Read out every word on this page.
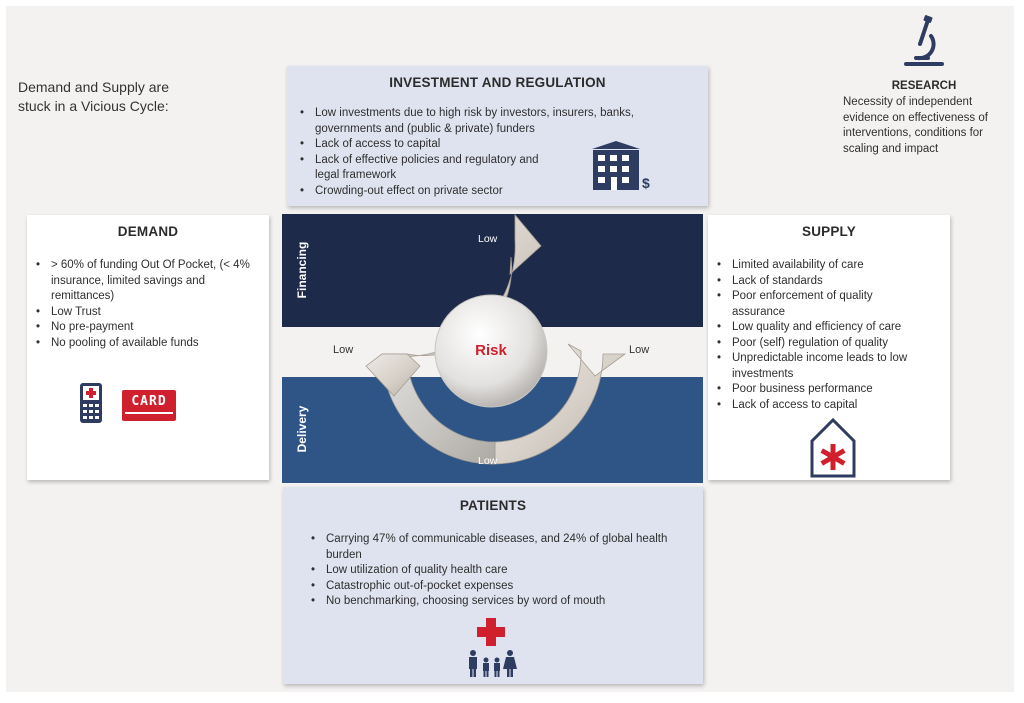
Demand and Supply are
stuck in a Vicious Cycle:
INVESTMENT AND REGULATION
• Low investments due to high risk by investors, insurers, banks, governments and (public & private) funders
• Lack of access to capital
• Lack of effective policies and regulatory and legal framework
• Crowding-out effect on private sector	$
RESEARCH
Necessity of independent evidence on effectiveness of interventions, conditions for scaling and impact
DEMAND
• > 60% of funding Out Of Pocket, (< 4% insurance, limited savings and remittances)
• Low Trust
• No pre-payment
• No pooling of available funds
CARD
SUPPLY
• Limited availability of care
• Lack of standards
• Poor enforcement of quality assurance
• Low quality and efficiency of care
• Poor (self) regulation of quality
• Unpredictable income leads to low investments
• Poor business performance
• Lack of access to capital
Financing
Delivery
Risk
Low
Low	Low
Low
PATIENTS
• Carrying 47% of communicable diseases, and 24% of global health burden
• Low utilization of quality health care
• Catastrophic out-of-pocket expenses
• No benchmarking, choosing services by word of mouth
